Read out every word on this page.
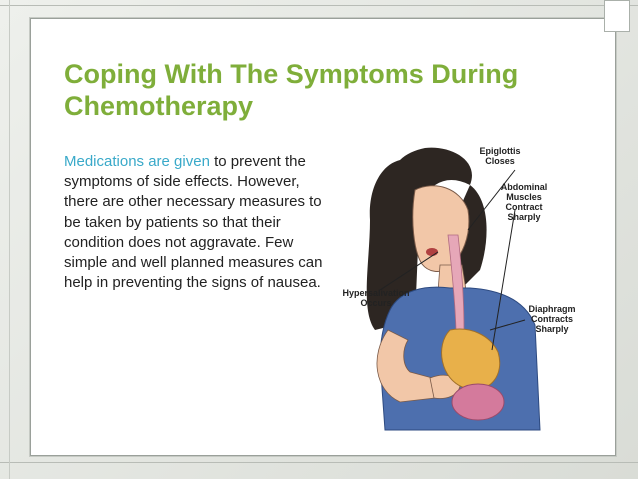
Coping With The Symptoms During
Chemotherapy
Medications are given to prevent the symptoms of side effects. However, there are other necessary measures to be taken by patients so that their condition does not aggravate. Few simple and well planned measures can help in preventing the signs of nausea.
Epiglottis
Closes
Abdominal
Muscles
Contract
Sharply
Hypersalivation
Occurs
Diaphragm
Contracts
Sharply
